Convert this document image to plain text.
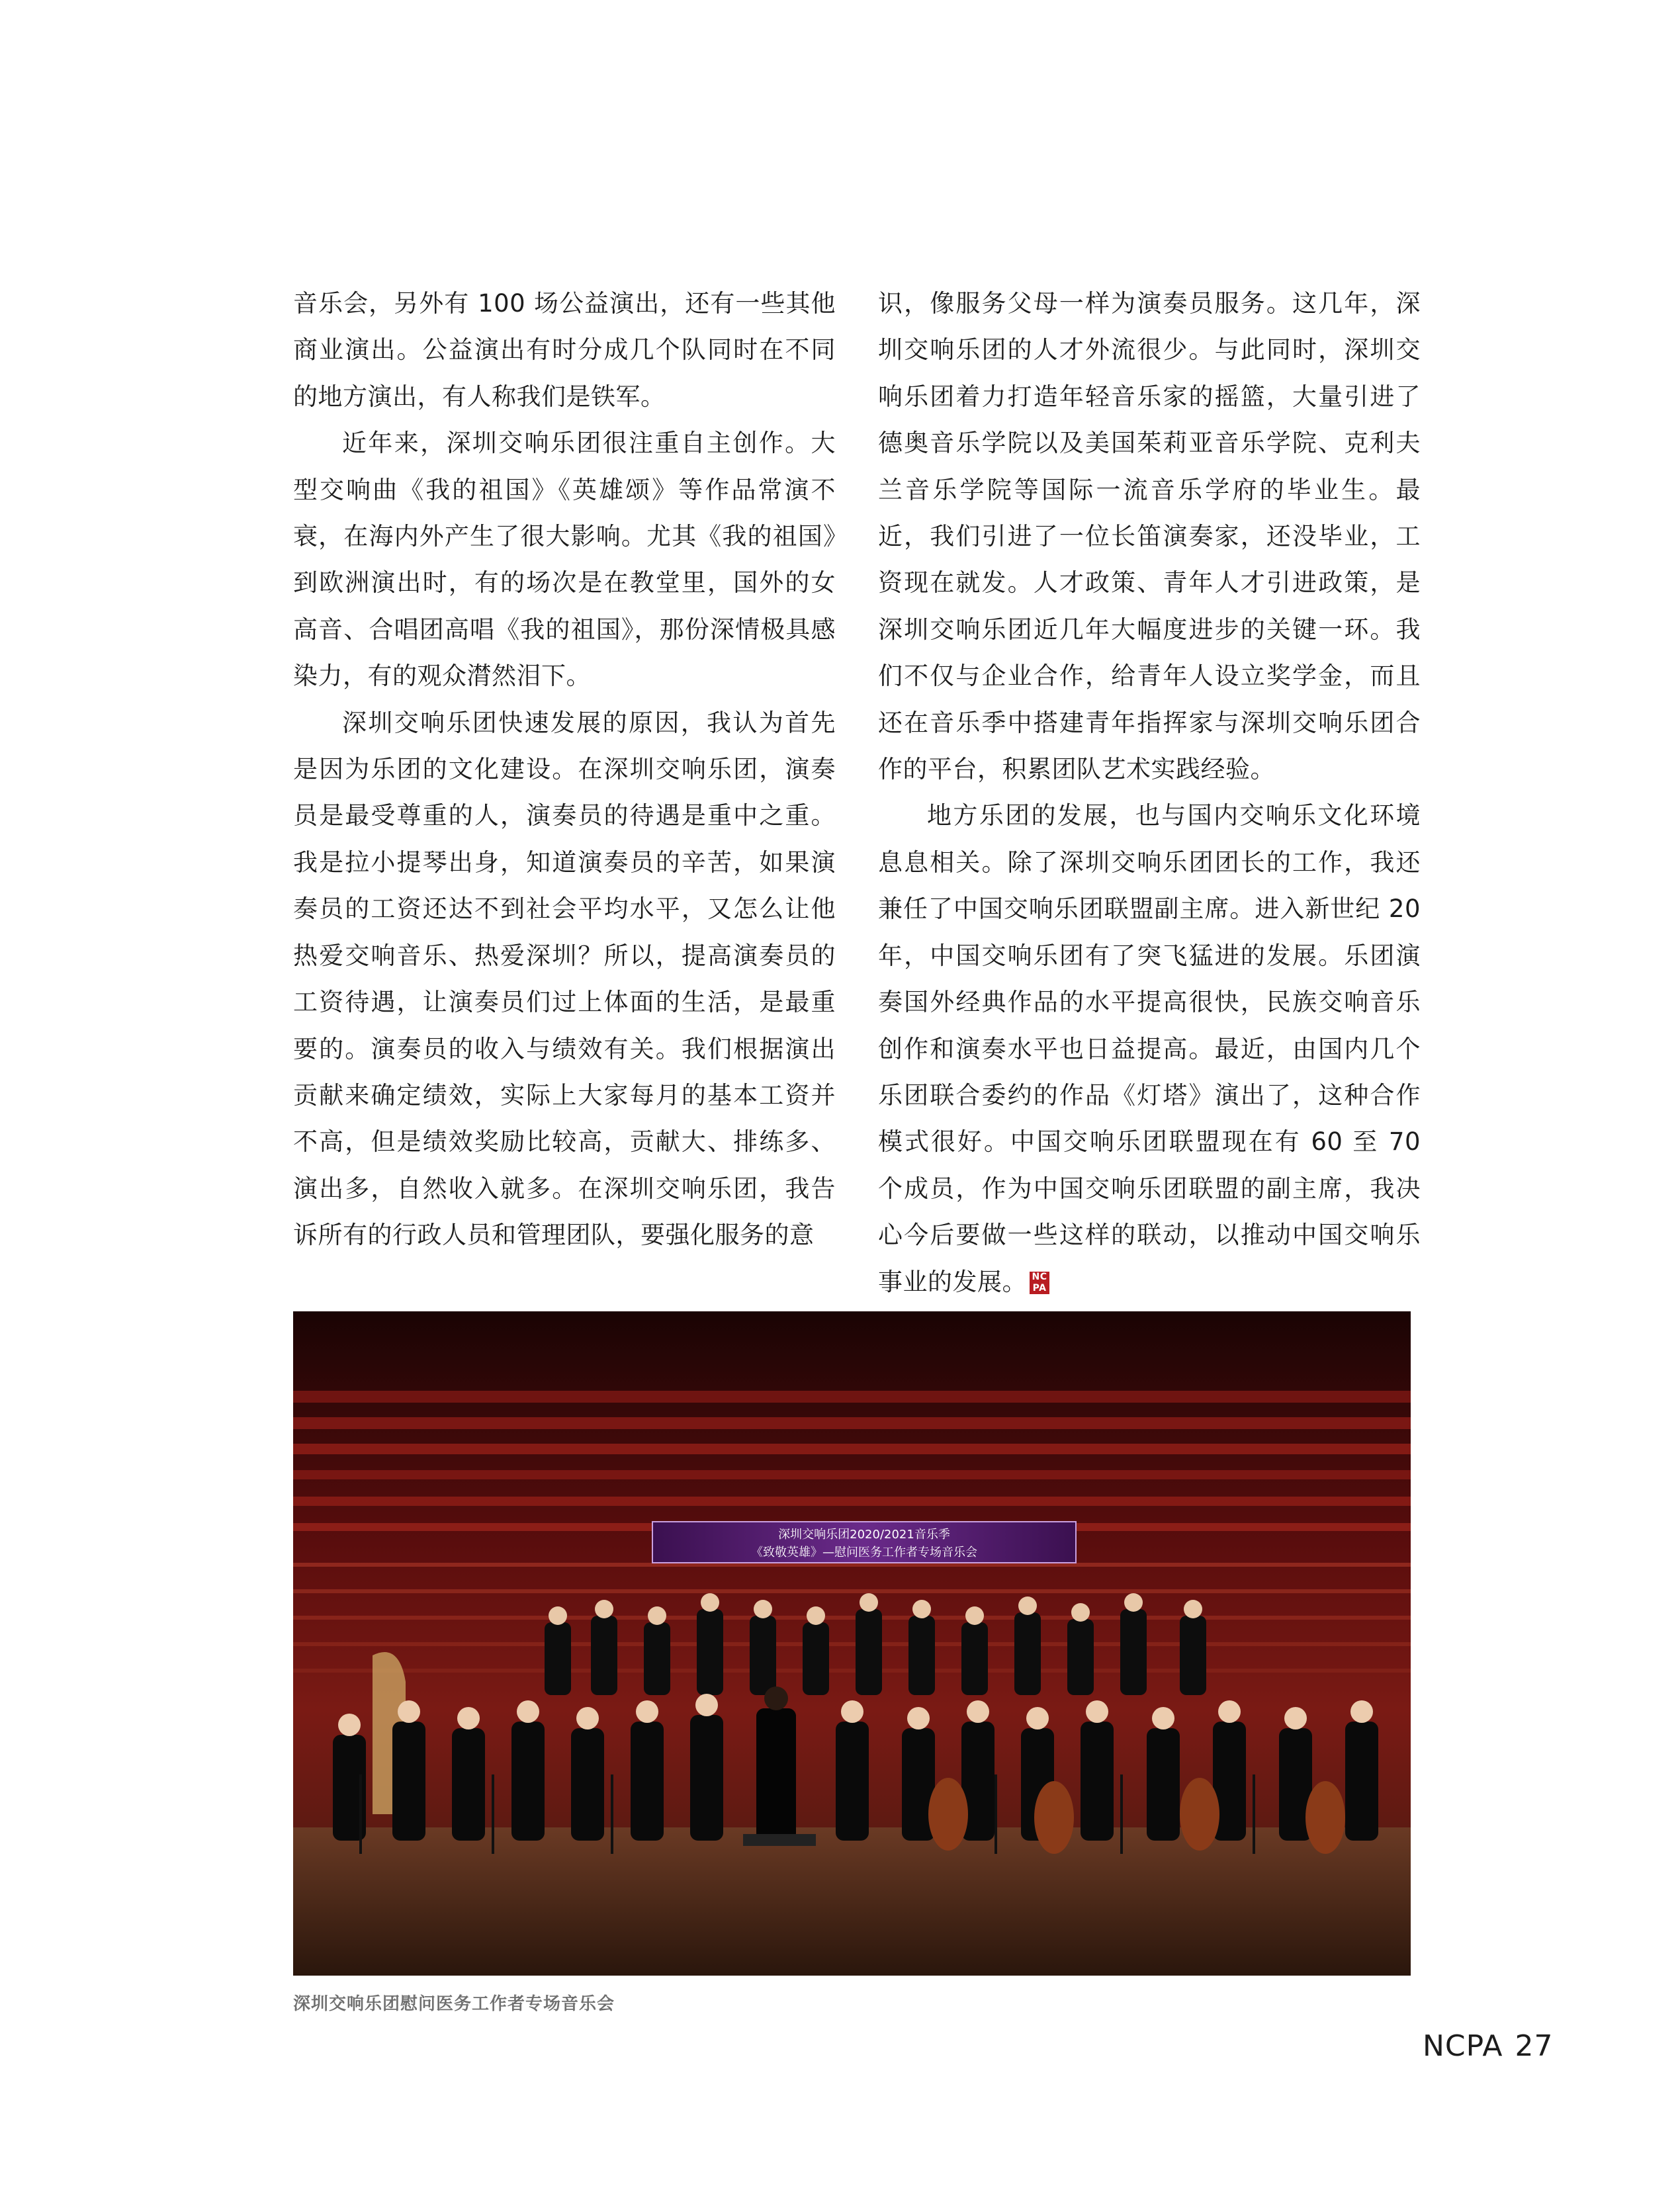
音乐会，另外有 100 场公益演出，还有一些其他商业演出。公益演出有时分成几个队同时在不同的地方演出，有人称我们是铁军。

近年来，深圳交响乐团很注重自主创作。大型交响曲《我的祖国》《英雄颂》等作品常演不衰，在海内外产生了很大影响。尤其《我的祖国》到欧洲演出时，有的场次是在教堂里，国外的女高音、合唱团高唱《我的祖国》，那份深情极具感染力，有的观众潸然泪下。

深圳交响乐团快速发展的原因，我认为首先是因为乐团的文化建设。在深圳交响乐团，演奏员是最受尊重的人，演奏员的待遇是重中之重。我是拉小提琴出身，知道演奏员的辛苦，如果演奏员的工资还达不到社会平均水平，又怎么让他热爱交响音乐、热爱深圳？所以，提高演奏员的工资待遇，让演奏员们过上体面的生活，是最重要的。演奏员的收入与绩效有关。我们根据演出贡献来确定绩效，实际上大家每月的基本工资并不高，但是绩效奖励比较高，贡献大、排练多、演出多，自然收入就多。在深圳交响乐团，我告诉所有的行政人员和管理团队，要强化服务的意

识，像服务父母一样为演奏员服务。这几年，深圳交响乐团的人才外流很少。与此同时，深圳交响乐团着力打造年轻音乐家的摇篮，大量引进了德奥音乐学院以及美国茱莉亚音乐学院、克利夫兰音乐学院等国际一流音乐学府的毕业生。最近，我们引进了一位长笛演奏家，还没毕业，工资现在就发。人才政策、青年人才引进政策，是深圳交响乐团近几年大幅度进步的关键一环。我们不仅与企业合作，给青年人设立奖学金，而且还在音乐季中搭建青年指挥家与深圳交响乐团合作的平台，积累团队艺术实践经验。

地方乐团的发展，也与国内交响乐文化环境息息相关。除了深圳交响乐团团长的工作，我还兼任了中国交响乐团联盟副主席。进入新世纪 20 年，中国交响乐团有了突飞猛进的发展。乐团演奏国外经典作品的水平提高很快，民族交响音乐创作和演奏水平也日益提高。最近，由国内几个乐团联合委约的作品《灯塔》演出了，这种合作模式很好。中国交响乐团联盟现在有 60 至 70 个成员，作为中国交响乐团联盟的副主席，我决心今后要做一些这样的联动，以推动中国交响乐事业的发展。 NC
PA

深圳交响乐团2020/2021音乐季
《致敬英雄》—慰问医务工作者专场音乐会
深圳交响乐团慰问医务工作者专场音乐会
NCPA 27
